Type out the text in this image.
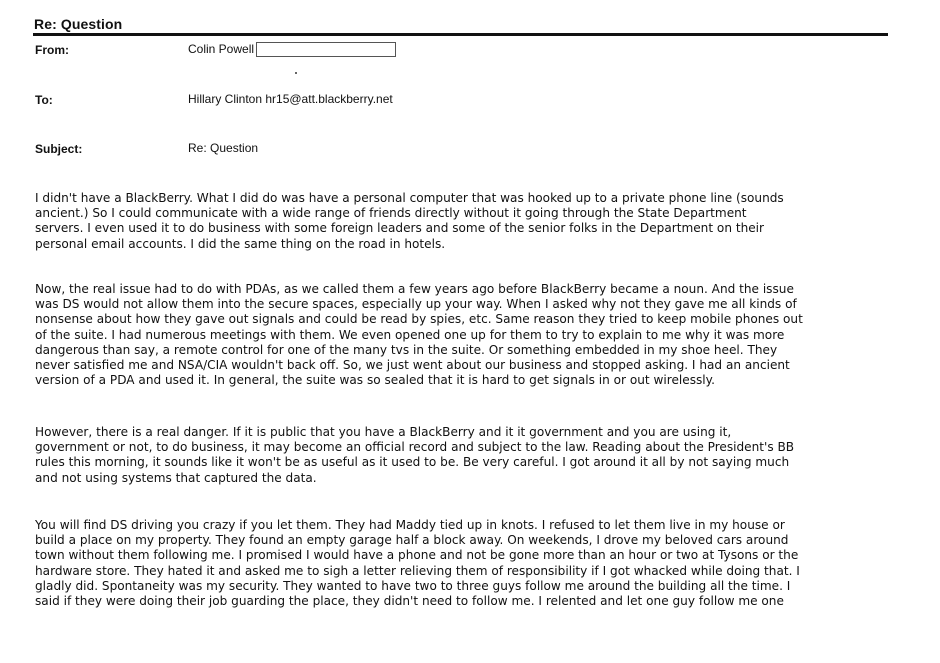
Re: Question
From:	Colin Powell
To:	Hillary Clinton hr15@att.blackberry.net
Subject:	Re: Question
I didn't have a BlackBerry. What I did do was have a personal computer that was hooked up to a private phone line (sounds
ancient.) So I could communicate with a wide range of friends directly without it going through the State Department
servers. I even used it to do business with some foreign leaders and some of the senior folks in the Department on their
personal email accounts. I did the same thing on the road in hotels.
Now, the real issue had to do with PDAs, as we called them a few years ago before BlackBerry became a noun. And the issue
was DS would not allow them into the secure spaces, especially up your way. When I asked why not they gave me all kinds of
nonsense about how they gave out signals and could be read by spies, etc. Same reason they tried to keep mobile phones out
of the suite. I had numerous meetings with them. We even opened one up for them to try to explain to me why it was more
dangerous than say, a remote control for one of the many tvs in the suite. Or something embedded in my shoe heel. They
never satisfied me and NSA/CIA wouldn't back off. So, we just went about our business and stopped asking. I had an ancient
version of a PDA and used it. In general, the suite was so sealed that it is hard to get signals in or out wirelessly.
However, there is a real danger. If it is public that you have a BlackBerry and it it government and you are using it,
government or not, to do business, it may become an official record and subject to the law. Reading about the President's BB
rules this morning, it sounds like it won't be as useful as it used to be. Be very careful. I got around it all by not saying much
and not using systems that captured the data.
You will find DS driving you crazy if you let them. They had Maddy tied up in knots. I refused to let them live in my house or
build a place on my property. They found an empty garage half a block away. On weekends, I drove my beloved cars around
town without them following me. I promised I would have a phone and not be gone more than an hour or two at Tysons or the
hardware store. They hated it and asked me to sigh a letter relieving them of responsibility if I got whacked while doing that. I
gladly did. Spontaneity was my security. They wanted to have two to three guys follow me around the building all the time. I
said if they were doing their job guarding the place, they didn't need to follow me. I relented and let one guy follow me one
